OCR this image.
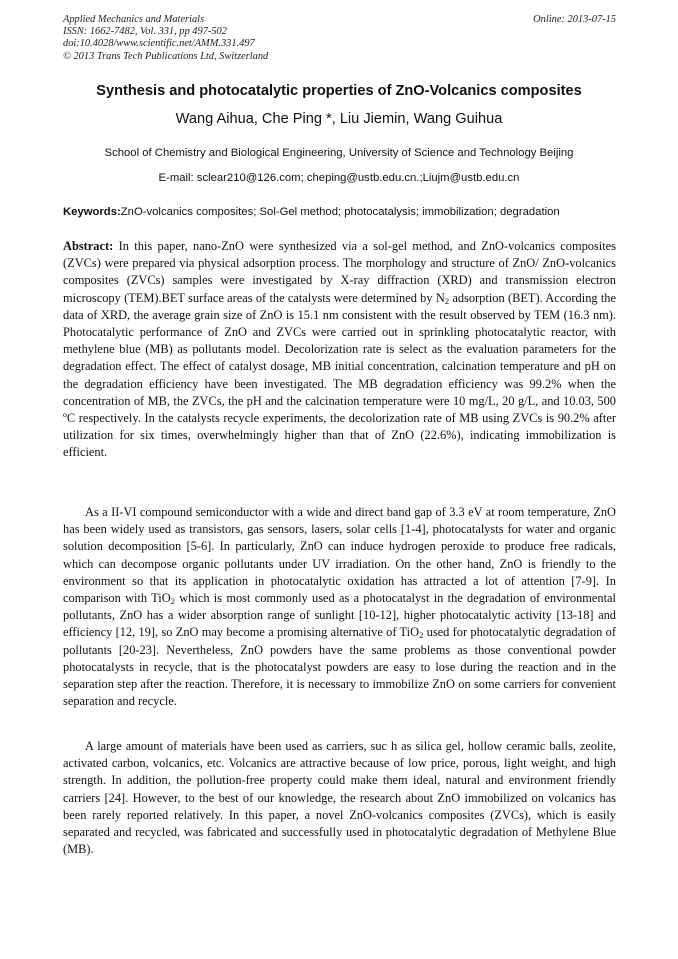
Applied Mechanics and Materials
ISSN: 1662-7482, Vol. 331, pp 497-502
doi:10.4028/www.scientific.net/AMM.331.497
© 2013 Trans Tech Publications Ltd, Switzerland
Online: 2013-07-15
Synthesis and photocatalytic properties of ZnO-Volcanics composites
Wang Aihua, Che Ping *, Liu Jiemin, Wang Guihua
School of Chemistry and Biological Engineering, University of Science and Technology Beijing
E-mail: sclear210@126.com; cheping@ustb.edu.cn.;Liujm@ustb.edu.cn
Keywords:ZnO-volcanics composites; Sol-Gel method; photocatalysis; immobilization; degradation

Abstract: In this paper, nano-ZnO were synthesized via a sol-gel method, and ZnO-volcanics composites (ZVCs) were prepared via physical adsorption process. The morphology and structure of ZnO/ ZnO-volcanics composites (ZVCs) samples were investigated by X-ray diffraction (XRD) and transmission electron microscopy (TEM).BET surface areas of the catalysts were determined by $N_2$ adsorption (BET). According the data of XRD, the average grain size of ZnO is 15.1 nm consistent with the result observed by TEM (16.3 nm). Photocatalytic performance of ZnO and ZVCs were carried out in sprinkling photocatalytic reactor, with methylene blue (MB) as pollutants model. Decolorization rate is select as the evaluation parameters for the degradation effect. The effect of catalyst dosage, MB initial concentration, calcination temperature and pH on the degradation efficiency have been investigated. The MB degradation efficiency was 99.2% when the concentration of MB, the ZVCs, the pH and the calcination temperature were 10 mg/L, 20 g/L, and 10.03, 500 ºC respectively. In the catalysts recycle experiments, the decolorization rate of MB using ZVCs is 90.2% after utilization for six times, overwhelmingly higher than that of ZnO (22.6%), indicating immobilization is efficient.

As a II-VI compound semiconductor with a wide and direct band gap of 3.3 eV at room temperature, ZnO has been widely used as transistors, gas sensors, lasers, solar cells [1-4], photocatalysts for water and organic solution decomposition [5-6]. In particularly, ZnO can induce hydrogen peroxide to produce free radicals, which can decompose organic pollutants under UV irradiation. On the other hand, ZnO is friendly to the environment so that its application in photocatalytic oxidation has attracted a lot of attention [7-9]. In comparison with TiO$_2$ which is most commonly used as a photocatalyst in the degradation of environmental pollutants, ZnO has a wider absorption range of sunlight [10-12], higher photocatalytic activity [13-18] and efficiency [12, 19], so ZnO may become a promising alternative of TiO$_2$ used for photocatalytic degradation of pollutants [20-23]. Nevertheless, ZnO powders have the same problems as those conventional powder photocatalysts in recycle, that is the photocatalyst powders are easy to lose during the reaction and in the separation step after the reaction. Therefore, it is necessary to immobilize ZnO on some carriers for convenient separation and recycle.

A large amount of materials have been used as carriers, suc h as silica gel, hollow ceramic balls, zeolite, activated carbon, volcanics, etc. Volcanics are attractive because of low price, porous, light weight, and high strength. In addition, the pollution-free property could make them ideal, natural and environment friendly carriers [24]. However, to the best of our knowledge, the research about ZnO immobilized on volcanics has been rarely reported relatively. In this paper, a novel ZnO-volcanics composites (ZVCs), which is easily separated and recycled, was fabricated and successfully used in photocatalytic degradation of Methylene Blue (MB).
